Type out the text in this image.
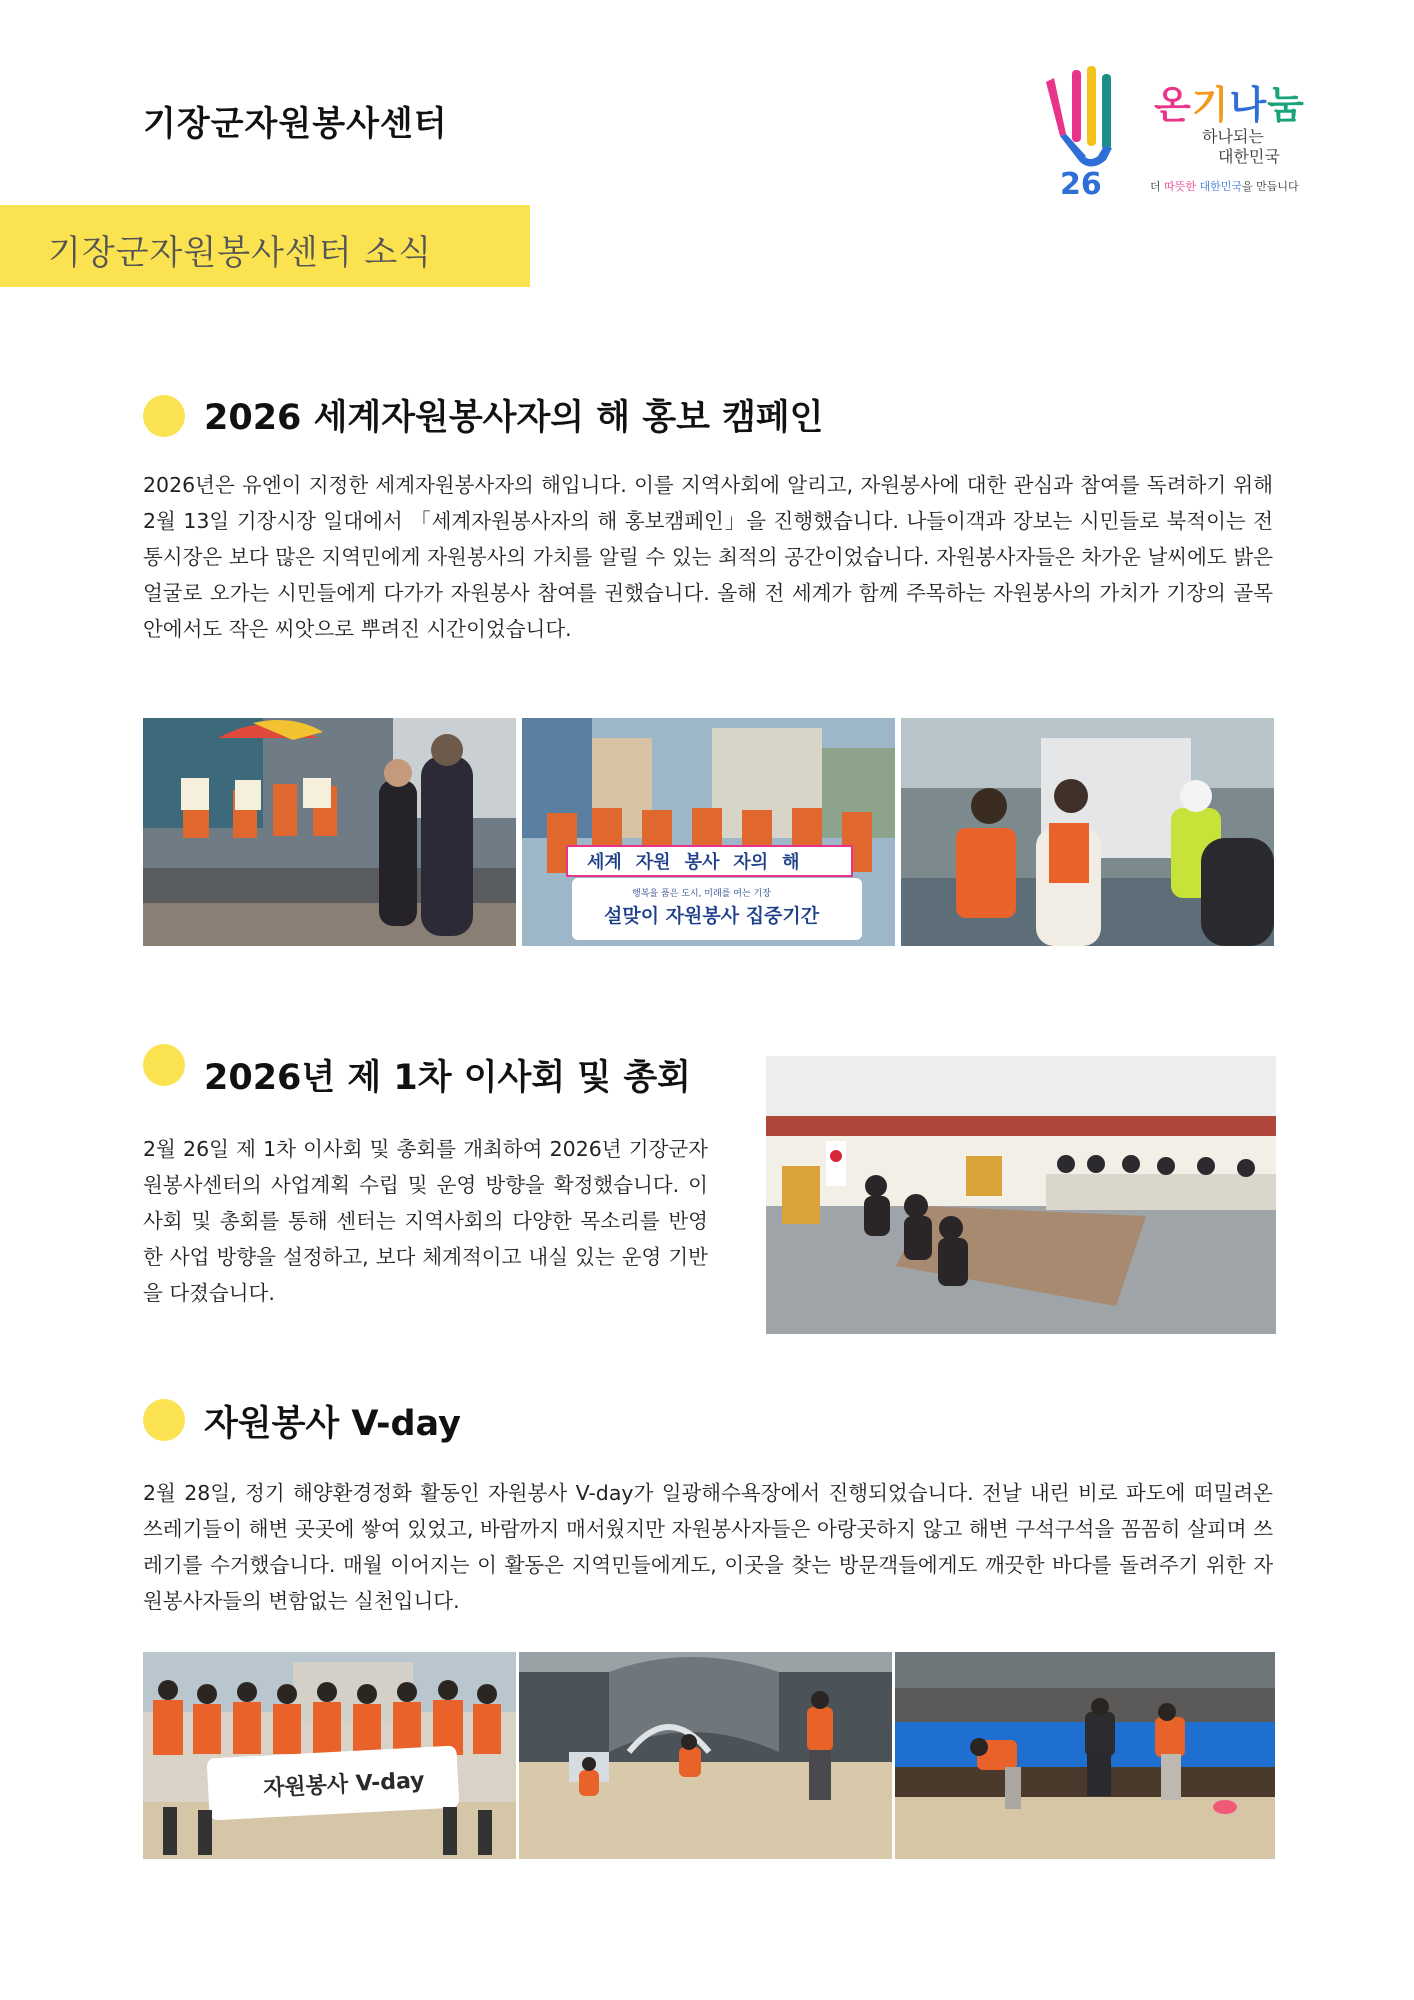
기장군자원봉사센터
26
온기나눔
하나되는
대한민국
더 따뜻한 대한민국을 만듭니다
기장군자원봉사센터 소식
2026 세계자원봉사자의 해 홍보 캠페인
2026년은 유엔이 지정한 세계자원봉사자의 해입니다. 이를 지역사회에 알리고, 자원봉사에 대한 관심과 참여를 독려하기 위해 2월 13일 기장시장 일대에서 「세계자원봉사자의 해 홍보캠페인」을 진행했습니다. 나들이객과 장보는 시민들로 북적이는 전통시장은 보다 많은 지역민에게 자원봉사의 가치를 알릴 수 있는 최적의 공간이었습니다. 자원봉사자들은 차가운 날씨에도 밝은 얼굴로 오가는 시민들에게 다가가 자원봉사 참여를 권했습니다. 올해 전 세계가 함께 주목하는 자원봉사의 가치가 기장의 골목 안에서도 작은 씨앗으로 뿌려진 시간이었습니다.
세계 자원 봉사 자의 해
행복을 품은 도시, 미래를 여는 기장
설맞이 자원봉사 집중기간
2026년 제 1차 이사회 및 총회
2월 26일 제 1차 이사회 및 총회를 개최하여 2026년 기장군자원봉사센터의 사업계획 수립 및 운영 방향을 확정했습니다. 이사회 및 총회를 통해 센터는 지역사회의 다양한 목소리를 반영한 사업 방향을 설정하고, 보다 체계적이고 내실 있는 운영 기반을 다졌습니다.
자원봉사 V-day
2월 28일, 정기 해양환경정화 활동인 자원봉사 V-day가 일광해수욕장에서 진행되었습니다. 전날 내린 비로 파도에 떠밀려온 쓰레기들이 해변 곳곳에 쌓여 있었고, 바람까지 매서웠지만 자원봉사자들은 아랑곳하지 않고 해변 구석구석을 꼼꼼히 살피며 쓰레기를 수거했습니다. 매월 이어지는 이 활동은 지역민들에게도, 이곳을 찾는 방문객들에게도 깨끗한 바다를 돌려주기 위한 자원봉사자들의 변함없는 실천입니다.
자원봉사 V-day
